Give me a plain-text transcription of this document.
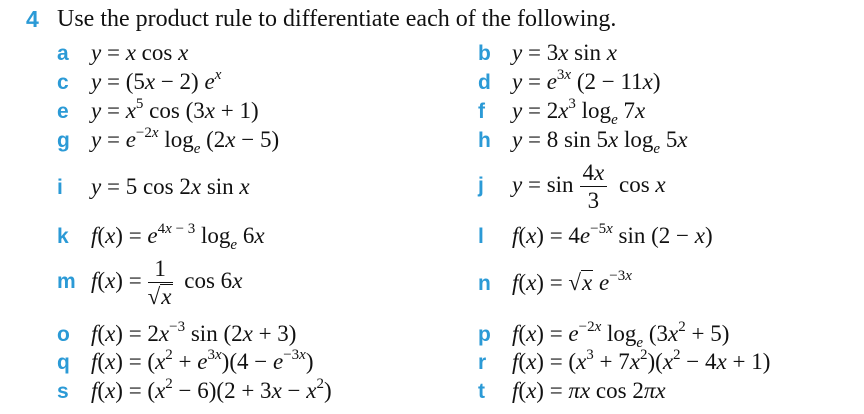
4 Use the product rule to differentiate each of the following.
a y = x cos x	b y = 3x sin x
c y = (5x − 2) $e^x$	d $y = e^{3x}$ (2 − 11x)
e $y = x^5$ cos (3x + 1)	f $y = 2x^3$ $\log_e 7x$
g $y = e^{-2x}$ $\log_e (2x - 5)$	h y = 8 sin 5x $\log_e 5x$
i y = 5 cos 2x sin x	j $y = \sin \frac{4x}{3}$ cos x
k $f(x) = e^{4x - 3}$ $\log_e 6x$	l $f(x) = 4e^{-5x}$ sin (2 − x)
m $f(x) = \frac{1}{√x}$ cos 6x	n f(x) = √x $e^{-3x}$
o $f(x) = 2x^{-3}$ sin (2x + 3)	p $f(x) = e^{-2x}$ $\log_e (3x^2 + 5)$
q $f(x) = (x^2 + e^{3x})(4 - e^{-3x})$	r $f(x) = (x^3 + 7x^2)(x^2 - 4x + 1)$
s $f(x) = (x^2 - 6)(2 + 3x - x^2)$	t f(x) = πx cos 2πx
